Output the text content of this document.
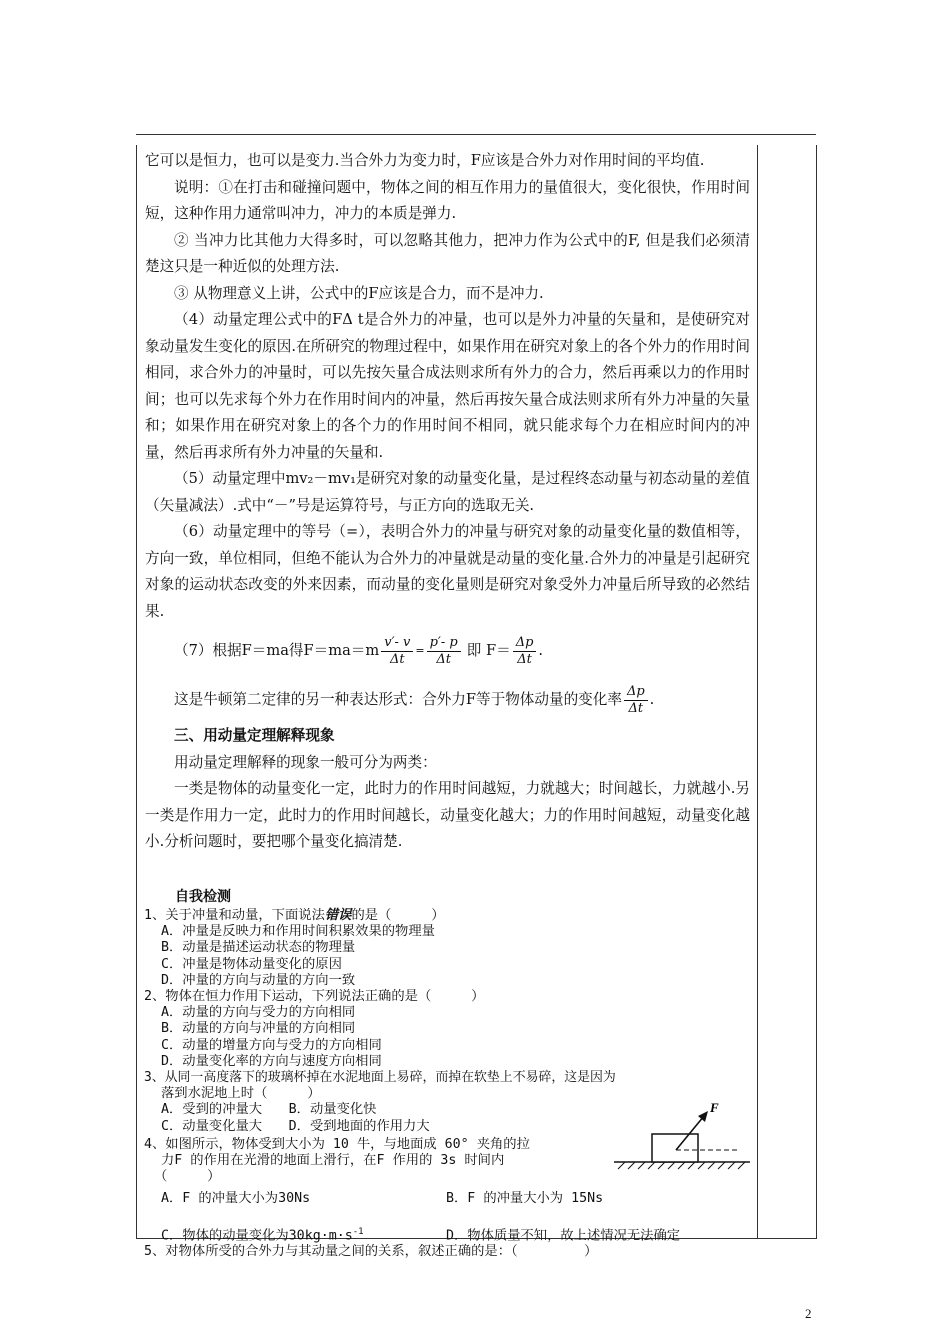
它可以是恒力，也可以是变力.当合外力为变力时，F应该是合外力对作用时间的平均值.

说明：①在打击和碰撞问题中，物体之间的相互作用力的量值很大，变化很快，作用时间短，这种作用力通常叫冲力，冲力的本质是弹力.

② 当冲力比其他力大得多时，可以忽略其他力，把冲力作为公式中的F, 但是我们必须清楚这只是一种近似的处理方法.

③ 从物理意义上讲，公式中的F应该是合力，而不是冲力.

（4）动量定理公式中的FΔ t是合外力的冲量，也可以是外力冲量的矢量和，是使研究对象动量发生变化的原因.在所研究的物理过程中，如果作用在研究对象上的各个外力的作用时间相同，求合外力的冲量时，可以先按矢量合成法则求所有外力的合力，然后再乘以力的作用时间；也可以先求每个外力在作用时间内的冲量，然后再按矢量合成法则求所有外力冲量的矢量和；如果作用在研究对象上的各个力的作用时间不相同，就只能求每个力在相应时间内的冲量，然后再求所有外力冲量的矢量和.

（5）动量定理中mv₂－mv₁是研究对象的动量变化量，是过程终态动量与初态动量的差值（矢量减法）.式中“－”号是运算符号，与正方向的选取无关.

（6）动量定理中的等号（=），表明合外力的冲量与研究对象的动量变化量的数值相等，方向一致，单位相同，但绝不能认为合外力的冲量就是动量的变化量.合外力的冲量是引起研究对象的运动状态改变的外来因素，而动量的变化量则是研究对象受外力冲量后所导致的必然结果.

（7）根据F＝ma得$F=ma=m \frac{v'- v}{\Delta t} = \frac{p'- p}{\Delta t}$ 即 $F= \frac{\Delta p}{\Delta t}$ .
这是牛顿第二定律的另一种表达形式：合外力F等于物体动量的变化率 $\frac{\Delta p}{\Delta t}$ .

三、用动量定理解释现象

用动量定理解释的现象一般可分为两类：

一类是物体的动量变化一定，此时力的作用时间越短，力就越大；时间越长，力就越小.另一类是作用力一定，此时力的作用时间越长，动量变化越大；力的作用时间越短，动量变化越小.分析问题时，要把哪个量变化搞清楚.

自我检测
1、关于冲量和动量，下面说法错误的是（　　　）
A．冲量是反映力和作用时间积累效果的物理量
B．动量是描述运动状态的物理量
C．冲量是物体动量变化的原因
D．冲量的方向与动量的方向一致
2、物体在恒力作用下运动，下列说法正确的是（　　　）
A．动量的方向与受力的方向相同
B．动量的方向与冲量的方向相同
C．动量的增量方向与受力的方向相同
D．动量变化率的方向与速度方向相同
3、从同一高度落下的玻璃杯掉在水泥地面上易碎，而掉在软垫上不易碎，这是因为
落到水泥地上时（　　　）
A．受到的冲量大　　B．动量变化快
C．动量变化量大　　D．受到地面的作用力大
4、如图所示，物体受到大小为 10 牛，与地面成 60° 夹角的拉
力F 的作用在光滑的地面上滑行，在F 作用的 3s 时间内
（　　　）
A．F 的冲量大小为30Ns	B．F 的冲量大小为 15Ns
C．物体的动量变化为$30kg\cdot m\cdot s^{-1}$	D．物体质量不知，故上述情况无法确定
5、对物体所受的合外力与其动量之间的关系，叙述正确的是：（　　　　　）
F
2
